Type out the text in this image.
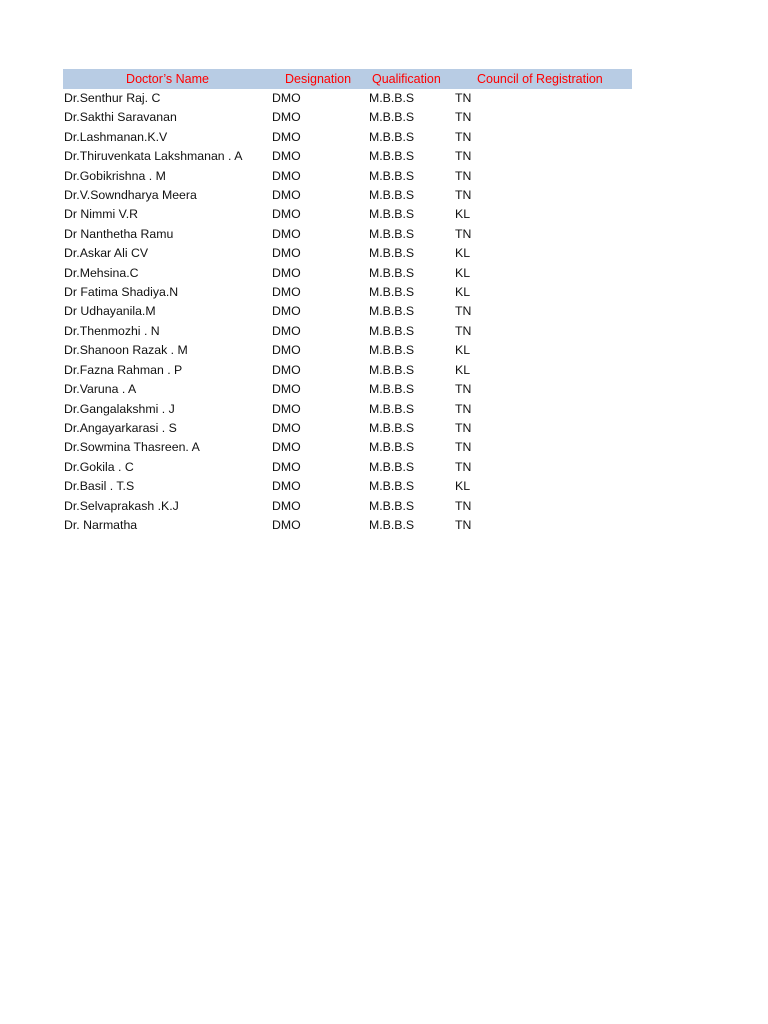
Doctor’s Name	Designation	Qualification	Council of Registration
Dr.Senthur Raj. C	DMO	M.B.B.S	TN
Dr.Sakthi Saravanan	DMO	M.B.B.S	TN
Dr.Lashmanan.K.V	DMO	M.B.B.S	TN
Dr.Thiruvenkata Lakshmanan . A	DMO	M.B.B.S	TN
Dr.Gobikrishna . M	DMO	M.B.B.S	TN
Dr.V.Sowndharya Meera	DMO	M.B.B.S	TN
Dr Nimmi V.R	DMO	M.B.B.S	KL
Dr Nanthetha Ramu	DMO	M.B.B.S	TN
Dr.Askar Ali CV	DMO	M.B.B.S	KL
Dr.Mehsina.C	DMO	M.B.B.S	KL
Dr Fatima Shadiya.N	DMO	M.B.B.S	KL
Dr Udhayanila.M	DMO	M.B.B.S	TN
Dr.Thenmozhi . N	DMO	M.B.B.S	TN
Dr.Shanoon Razak . M	DMO	M.B.B.S	KL
Dr.Fazna Rahman . P	DMO	M.B.B.S	KL
Dr.Varuna . A	DMO	M.B.B.S	TN
Dr.Gangalakshmi . J	DMO	M.B.B.S	TN
Dr.Angayarkarasi . S	DMO	M.B.B.S	TN
Dr.Sowmina Thasreen. A	DMO	M.B.B.S	TN
Dr.Gokila . C	DMO	M.B.B.S	TN
Dr.Basil . T.S	DMO	M.B.B.S	KL
Dr.Selvaprakash .K.J	DMO	M.B.B.S	TN
Dr. Narmatha	DMO	M.B.B.S	TN
